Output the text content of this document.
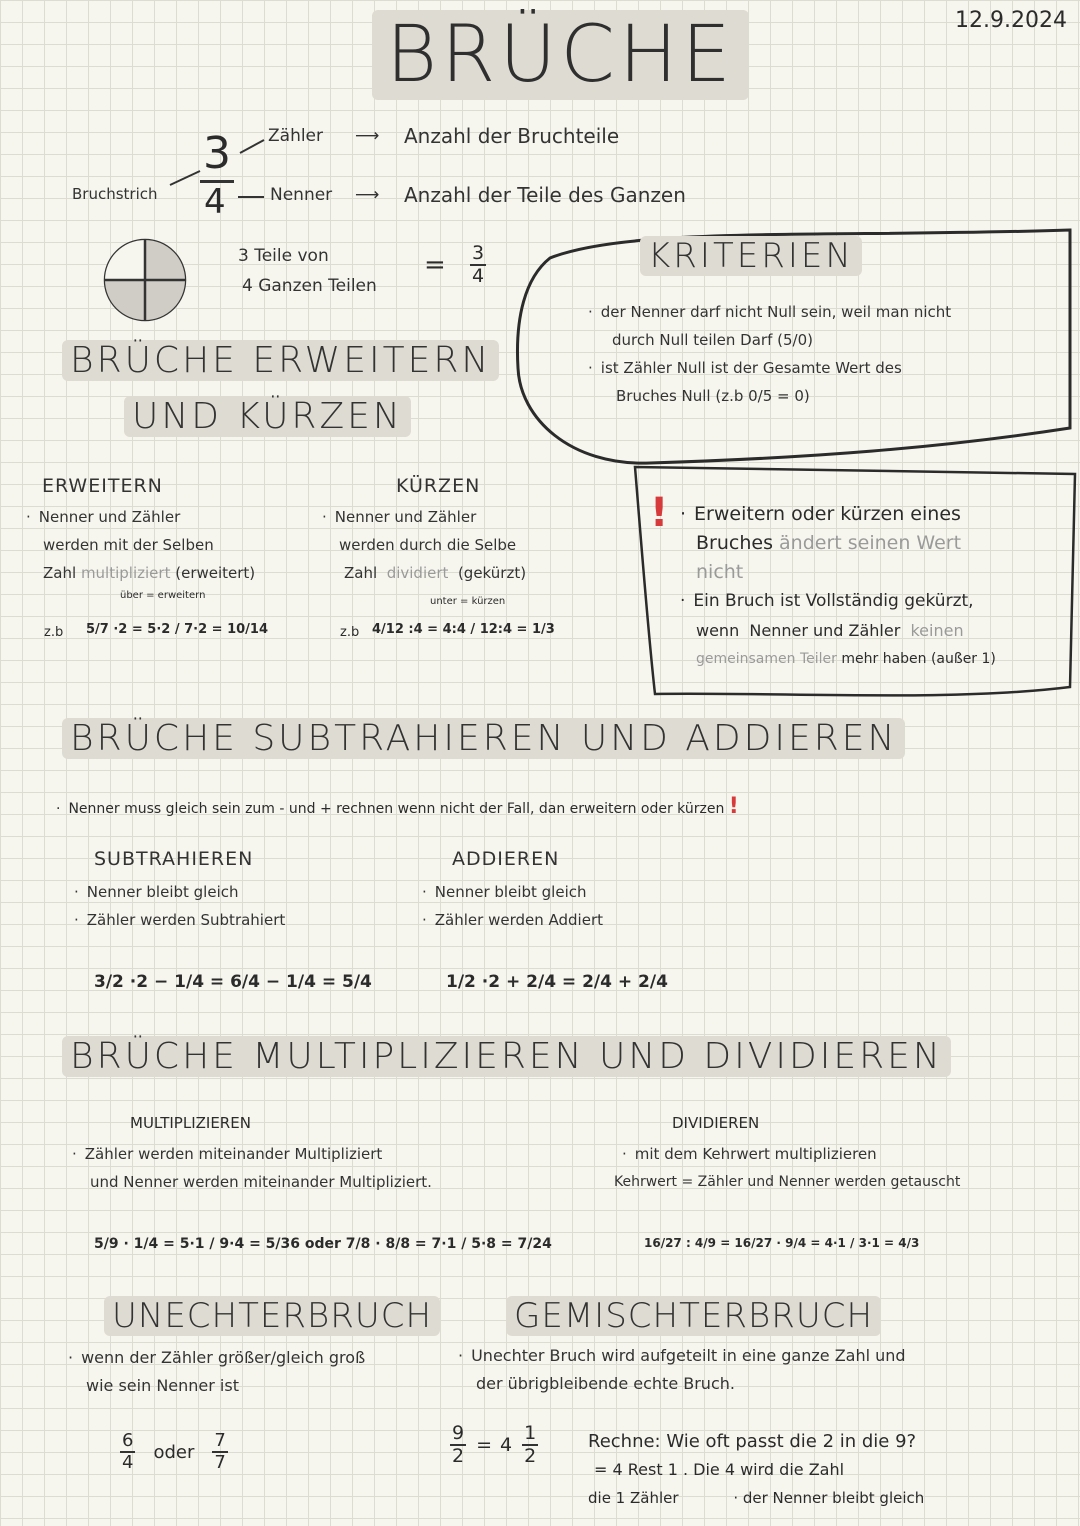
12.9.2024
BRÜCHE
3
4
Bruchstrich
Zähler ⟶ Anzahl der Bruchteile
Nenner ⟶ Anzahl der Teile des Ganzen
3 Teile von
4 Ganzen Teilen
= $\frac{3}{4}$	KRITERIEN
· der Nenner darf nicht Null sein, weil man nicht
durch Null teilen Darf (5/0)
· ist Zähler Null ist der Gesamte Wert des
Bruches Null (z.b 0/5 = 0)
BRÜCHE ERWEITERN
UND KÜRZEN
ERWEITERN
· Nenner und Zähler
werden mit der Selben
Zahl multipliziert (erweitert)
über = erweitern
z.b 5/7 ·2 = 5·2 / 7·2 = 10/14
KÜRZEN
· Nenner und Zähler
werden durch die Selbe
Zahl dividiert (gekürzt)
unter = kürzen
z.b 4/12 :4 = 4:4 / 12:4 = 1/3
!
·	Erweitern oder kürzen eines
Bruches ändert seinen Wert
nicht
· Ein Bruch ist Vollständig gekürzt,
wenn Nenner und Zähler keinen
gemeinsamen Teiler mehr haben (außer 1)
BRÜCHE SUBTRAHIEREN UND ADDIEREN
· Nenner muss gleich sein zum - und + rechnen wenn nicht der Fall, dan erweitern oder kürzen !
SUBTRAHIEREN
· Nenner bleibt gleich
· Zähler werden Subtrahiert
3/2 ·2 − 1/4 = 6/4 − 1/4 = 5/4
ADDIEREN
· Nenner bleibt gleich
· Zähler werden Addiert
1/2 ·2 + 2/4 = 2/4 + 2/4
BRÜCHE MULTIPLIZIEREN UND DIVIDIEREN
MULTIPLIZIEREN
· Zähler werden miteinander Multipliziert
und Nenner werden miteinander Multipliziert.
5/9 · 1/4 = 5·1 / 9·4 = 5/36 oder 7/8 · 8/8 = 7·1 / 5·8 = 7/24
DIVIDIEREN
· mit dem Kehrwert multiplizieren
Kehrwert = Zähler und Nenner werden getauscht
16/27 : 4/9 = 16/27 · 9/4 = 4·1 / 3·1 = 4/3
UNECHTERBRUCH
· wenn der Zähler größer/gleich groß
wie sein Nenner ist
$\frac{6}{4}$ oder $\frac{7}{7}$
GEMISCHTERBRUCH
· Unechter Bruch wird aufgeteilt in eine ganze Zahl und
der übrigbleibende echte Bruch.
$\frac{9}{2} = 4 \frac{1}{2}$	Rechne: Wie oft passt die 2 in die 9?
= 4 Rest 1 . Die 4 wird die Zahl
die 1 Zähler	· der Nenner bleibt gleich
